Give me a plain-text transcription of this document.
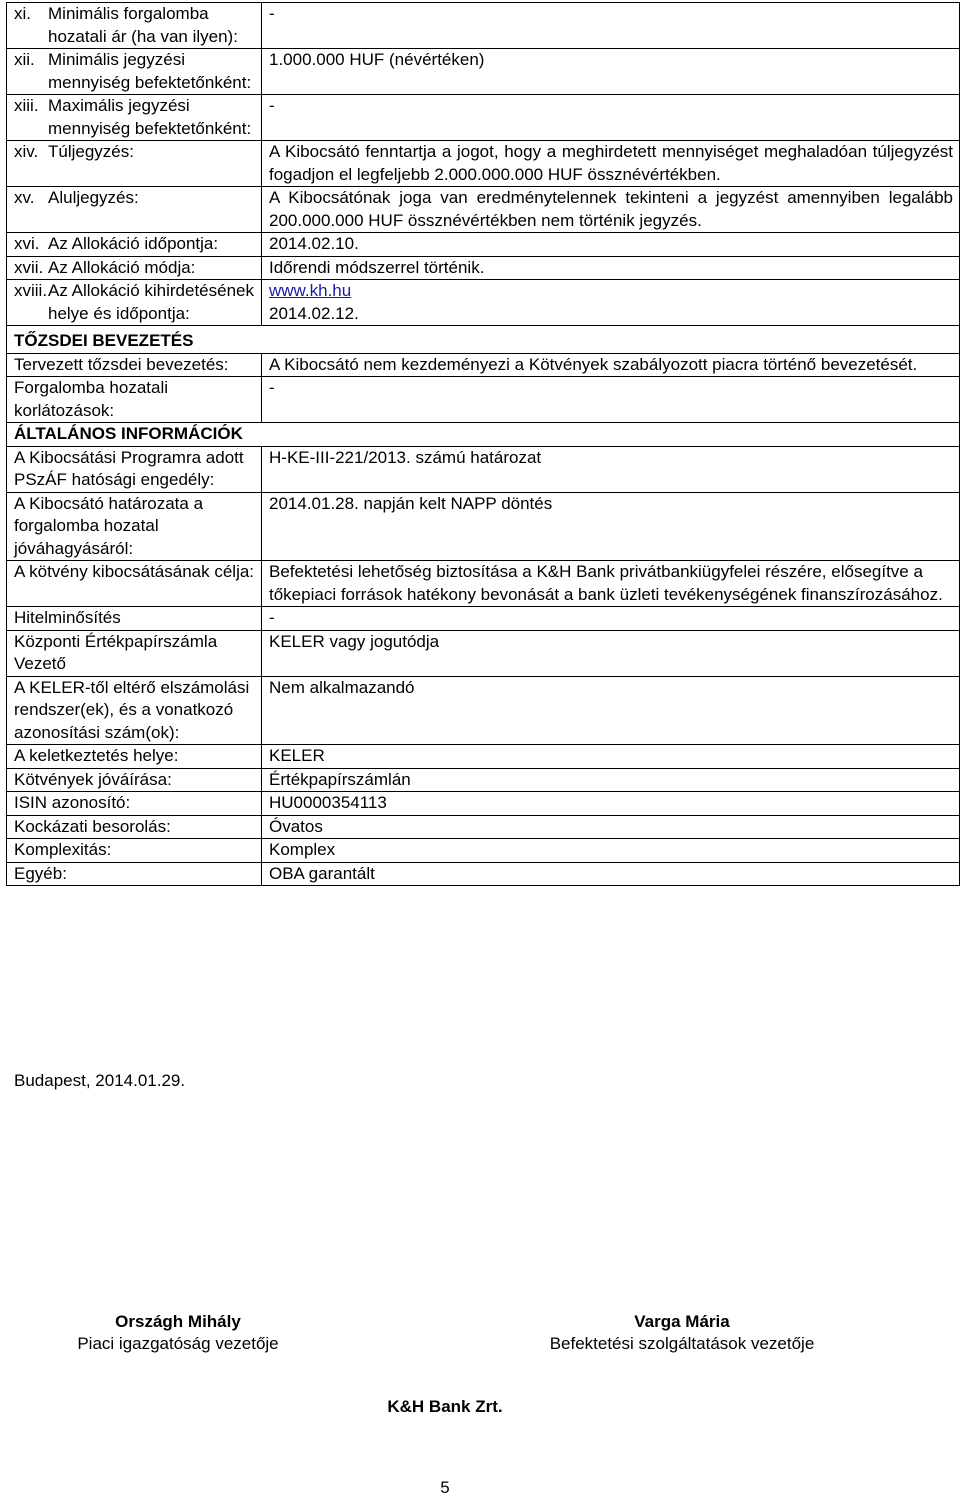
xi. Minimális forgalomba hozatali ár (ha van ilyen):	-

xii. Minimális jegyzési mennyiség befektetőnként:	1.000.000 HUF (névértéken)

xiii. Maximális jegyzési mennyiség befektetőnként:	-

xiv. Túljegyzés:	A Kibocsátó fenntartja a jogot, hogy a meghirdetett mennyiséget meghaladóan túljegyzést fogadjon el legfeljebb 2.000.000.000 HUF össznévértékben.

xv. Aluljegyzés:	A Kibocsátónak joga van eredménytelennek tekinteni a jegyzést amennyiben legalább 200.000.000 HUF össznévértékben nem történik jegyzés.

xvi. Az Allokáció időpontja:	2014.02.10.

xvii. Az Allokáció módja:	Időrendi módszerrel történik.

xviii. Az Allokáció kihirdetésének helye és időpontja:	www.kh.hu
2014.02.12.
TŐZSDEI BEVEZETÉS	
Tervezett tőzsdei bevezetés:	A Kibocsátó nem kezdeményezi a Kötvények szabályozott piacra történő bevezetését.
Forgalomba hozatali korlátozások:	-
ÁLTALÁNOS INFORMÁCIÓK	
A Kibocsátási Programra adott PSzÁF hatósági engedély:	H-KE-III-221/2013. számú határozat
A Kibocsátó határozata a forgalomba hozatal jóváhagyásáról:	2014.01.28. napján kelt NAPP döntés
A kötvény kibocsátásának célja:	Befektetési lehetőség biztosítása a K&H Bank privátbankiügyfelei részére, elősegítve a tőkepiaci források hatékony bevonását a bank üzleti tevékenységének finanszírozásához.
Hitelminősítés	-
Központi Értékpapírszámla Vezető	KELER vagy jogutódja
A KELER-től eltérő elszámolási rendszer(ek), és a vonatkozó azonosítási szám(ok):	Nem alkalmazandó
A keletkeztetés helye:	KELER
Kötvények jóváírása:	Értékpapírszámlán
ISIN azonosító:	HU0000354113
Kockázati besorolás:	Óvatos
Komplexitás:	Komplex
Egyéb:	OBA garantált
Budapest, 2014.01.29.
Országh Mihály
Piaci igazgatóság vezetője
Varga Mária
Befektetési szolgáltatások vezetője
K&H Bank Zrt.
5
